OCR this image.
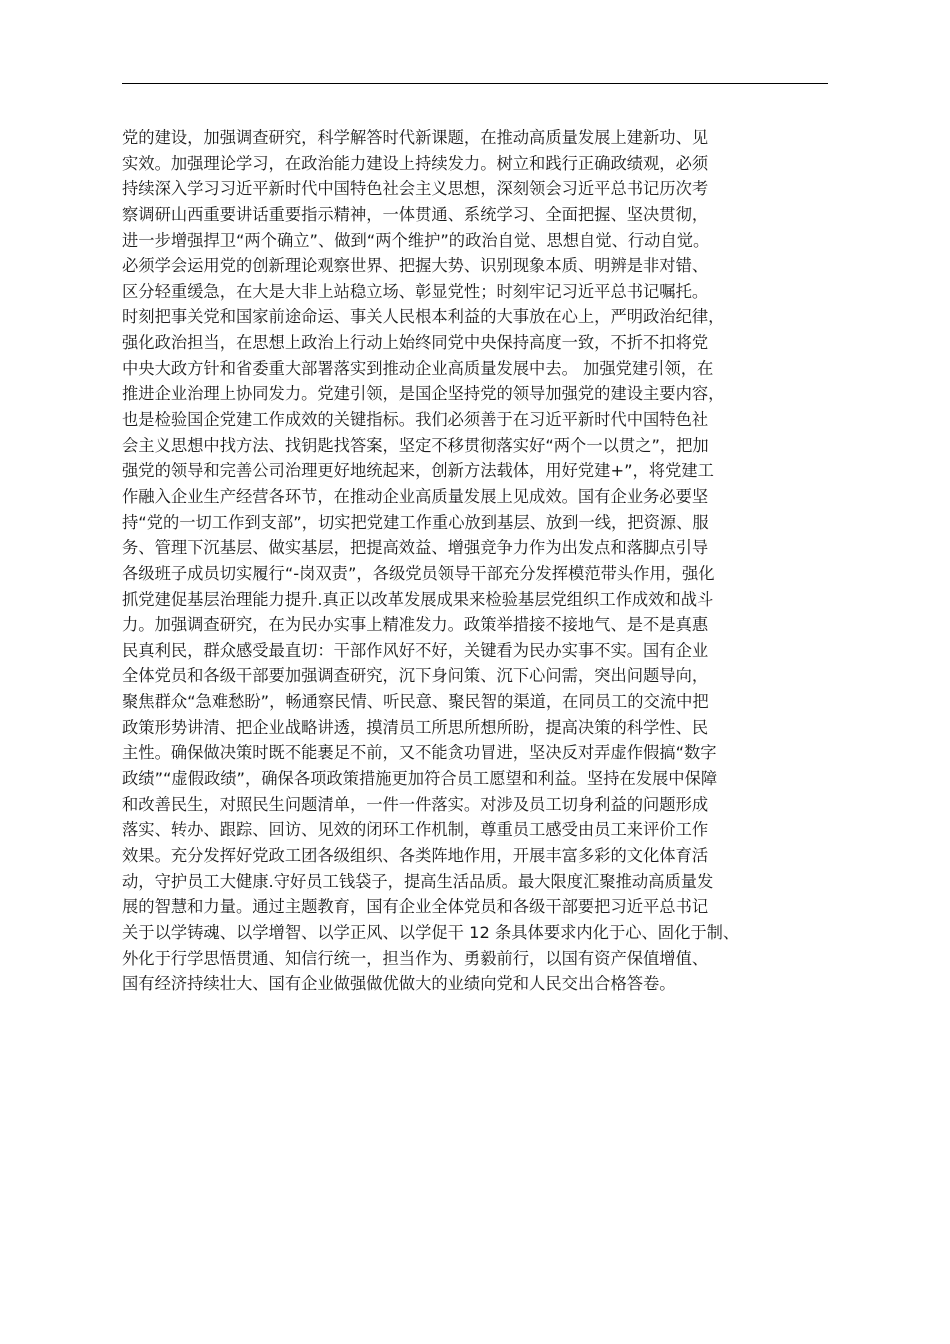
党的建设，加强调查研究，科学解答时代新课题，在推动高质量发展上建新功、见
实效。加强理论学习，在政治能力建设上持续发力。树立和践行正确政绩观，必须
持续深入学习习近平新时代中国特色社会主义思想，深刻领会习近平总书记历次考
察调研山西重要讲话重要指示精神，一体贯通、系统学习、全面把握、坚决贯彻，
进一步增强捍卫“两个确立”、做到“两个维护”的政治自觉、思想自觉、行动自觉。
必须学会运用党的创新理论观察世界、把握大势、识别现象本质、明辨是非对错、
区分轻重缓急，在大是大非上站稳立场、彰显党性；时刻牢记习近平总书记嘱托。
时刻把事关党和国家前途命运、事关人民根本利益的大事放在心上，严明政治纪律，
强化政治担当，在思想上政治上行动上始终同党中央保持高度一致，不折不扣将党
中央大政方针和省委重大部署落实到推动企业高质量发展中去。 加强党建引领，在
推进企业治理上协同发力。党建引领，是国企坚持党的领导加强党的建设主要内容，
也是检验国企党建工作成效的关键指标。我们必须善于在习近平新时代中国特色社
会主义思想中找方法、找钥匙找答案，坚定不移贯彻落实好“两个一以贯之”，把加
强党的领导和完善公司治理更好地统起来，创新方法载体，用好党建+”，将党建工
作融入企业生产经营各环节，在推动企业高质量发展上见成效。国有企业务必要坚
持“党的一切工作到支部”，切实把党建工作重心放到基层、放到一线，把资源、服
务、管理下沉基层、做实基层，把提高效益、增强竞争力作为出发点和落脚点引导
各级班子成员切实履行“-岗双责”，各级党员领导干部充分发挥模范带头作用，强化
抓党建促基层治理能力提升.真正以改革发展成果来检验基层党组织工作成效和战斗
力。加强调查研究，在为民办实事上精准发力。政策举措接不接地气、是不是真惠
民真利民，群众感受最直切：干部作风好不好，关键看为民办实事不实。国有企业
全体党员和各级干部要加强调查研究，沉下身问策、沉下心问需，突出问题导向，
聚焦群众“急难愁盼”，畅通察民情、听民意、聚民智的渠道，在同员工的交流中把
政策形势讲清、把企业战略讲透，摸清员工所思所想所盼，提高决策的科学性、民
主性。确保做决策时既不能裹足不前，又不能贪功冒进，坚决反对弄虚作假搞“数字
政绩”“虚假政绩”，确保各项政策措施更加符合员工愿望和利益。坚持在发展中保障
和改善民生，对照民生问题清单，一件一件落实。对涉及员工切身利益的问题形成
落实、转办、跟踪、回访、见效的闭环工作机制，尊重员工感受由员工来评价工作
效果。充分发挥好党政工团各级组织、各类阵地作用，开展丰富多彩的文化体育活
动，守护员工大健康.守好员工钱袋子，提高生活品质。最大限度汇聚推动高质量发
展的智慧和力量。通过主题教育，国有企业全体党员和各级干部要把习近平总书记
关于以学铸魂、以学增智、以学正风、以学促干 12 条具体要求内化于心、固化于制、
外化于行学思悟贯通、知信行统一，担当作为、勇毅前行，以国有资产保值增值、
国有经济持续壮大、国有企业做强做优做大的业绩向党和人民交出合格答卷。
